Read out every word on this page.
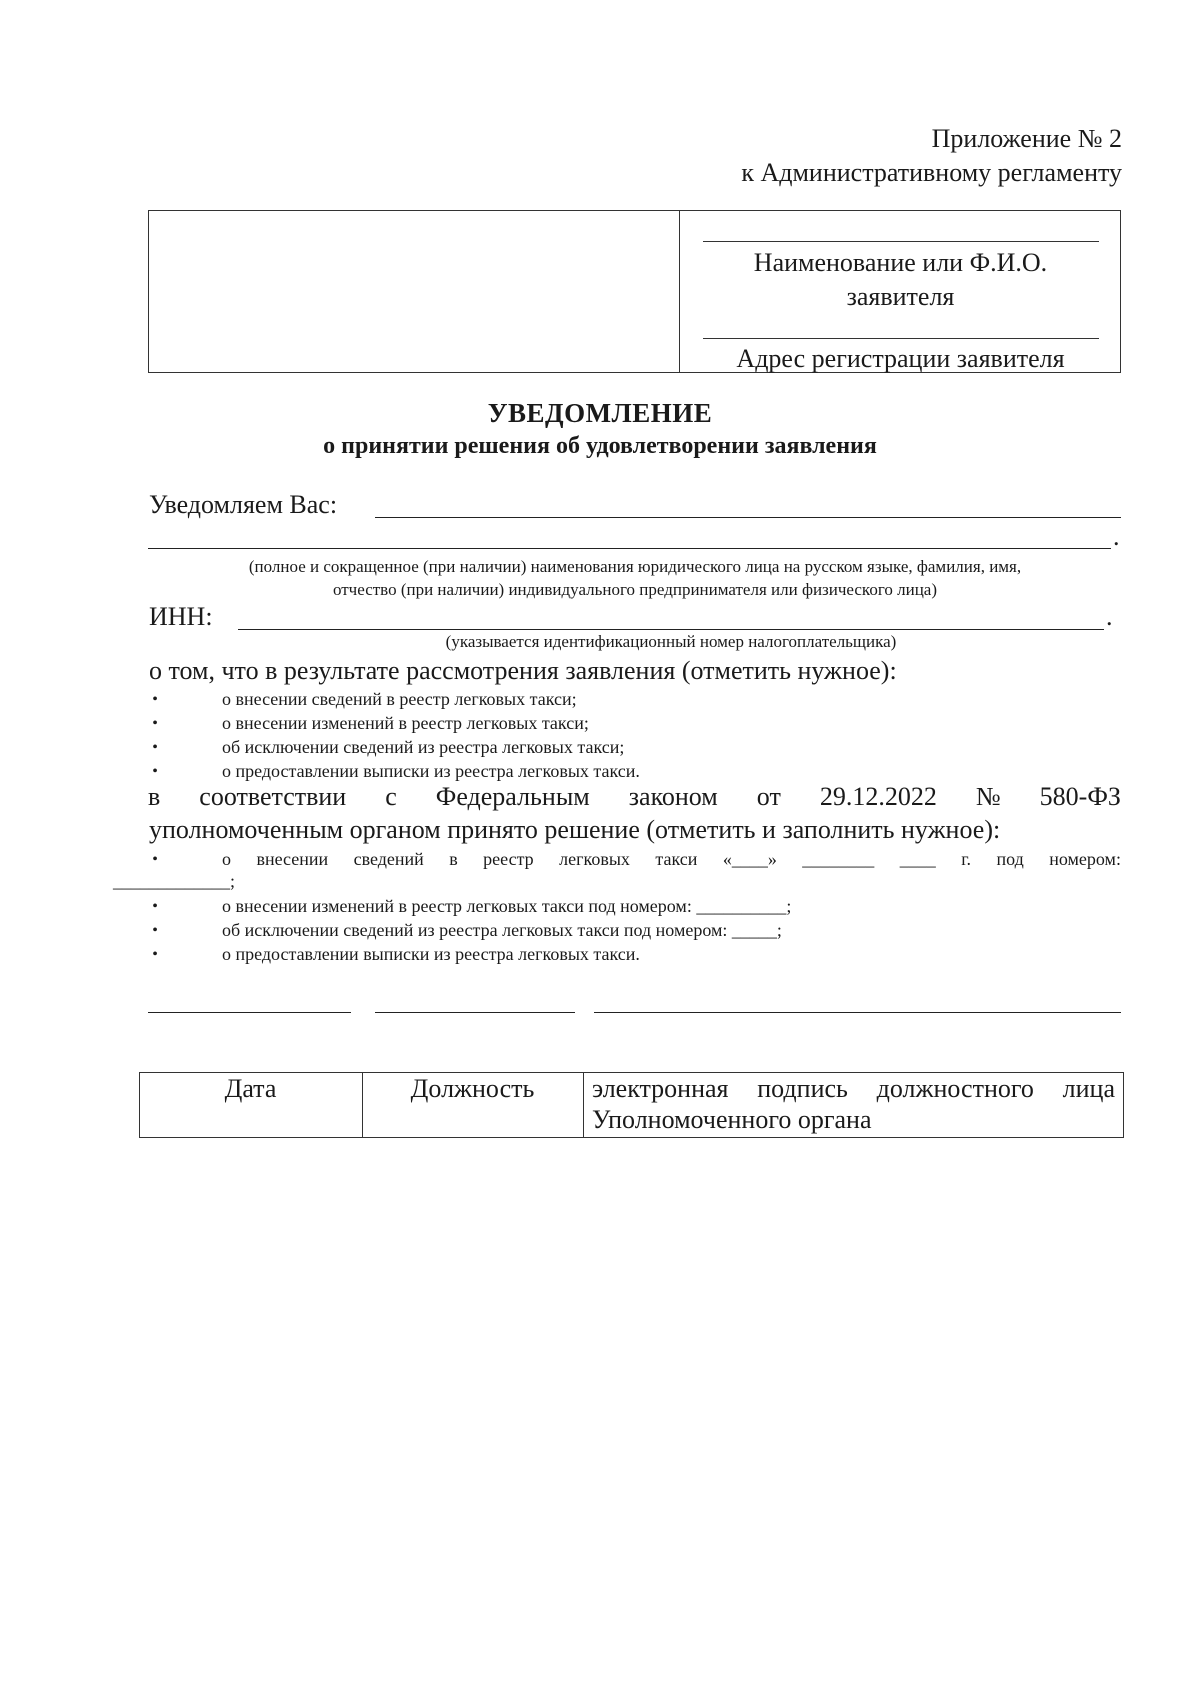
Приложение № 2
к Административному регламенту
Наименование или Ф.И.О.
заявителя
Адрес регистрации заявителя
УВЕДОМЛЕНИЕ
о принятии решения об удовлетворении заявления
Уведомляем Вас:
.
(полное и сокращенное (при наличии) наименования юридического лица на русском языке, фамилия, имя,
отчество (при наличии) индивидуального предпринимателя или физического лица)
ИНН:	.
(указывается идентификационный номер налогоплательщика)
о том, что в результате рассмотрения заявления (отметить нужное):
•	о внесении сведений в реестр легковых такси;
•	о внесении изменений в реестр легковых такси;
•	об исключении сведений из реестра легковых такси;
•	о предоставлении выписки из реестра легковых такси.
в соответствии с Федеральным законом от 29.12.2022 № 580-ФЗ
уполномоченным органом принято решение (отметить и заполнить нужное):
•	о внесении сведений в реестр легковых такси «____» ________ ____ г. под номером:
_____________;
•	о внесении изменений в реестр легковых такси под номером: __________;
•	об исключении сведений из реестра легковых такси под номером: _____;
•	о предоставлении выписки из реестра легковых такси.
Дата	Должность	электронная подпись должностного лица
Уполномоченного органа
